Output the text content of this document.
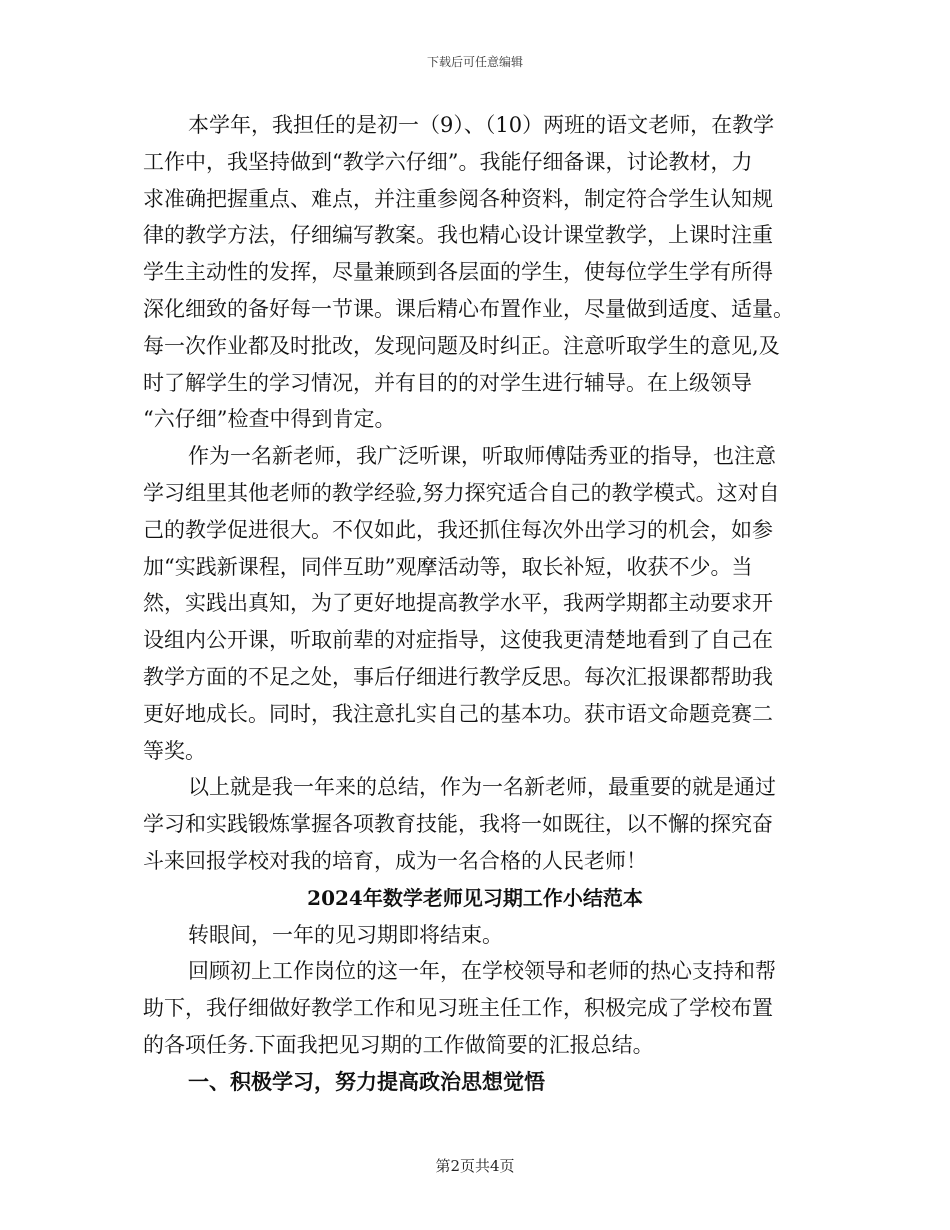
下载后可任意编辑
本学年，我担任的是初一（9）、（10）两班的语文老师，在教学
工作中，我坚持做到“教学六仔细”。我能仔细备课，讨论教材，力
求准确把握重点、难点，并注重参阅各种资料，制定符合学生认知规
律的教学方法，仔细编写教案。我也精心设计课堂教学，上课时注重
学生主动性的发挥，尽量兼顾到各层面的学生，使每位学生学有所得
深化细致的备好每一节课。课后精心布置作业，尽量做到适度、适量。
每一次作业都及时批改，发现问题及时纠正。注意听取学生的意见,及
时了解学生的学习情况，并有目的的对学生进行辅导。在上级领导
“六仔细”检查中得到肯定。
作为一名新老师，我广泛听课，听取师傅陆秀亚的指导，也注意
学习组里其他老师的教学经验,努力探究适合自己的教学模式。这对自
己的教学促进很大。不仅如此，我还抓住每次外出学习的机会，如参
加“实践新课程，同伴互助”观摩活动等，取长补短，收获不少。当
然，实践出真知，为了更好地提高教学水平，我两学期都主动要求开
设组内公开课，听取前辈的对症指导，这使我更清楚地看到了自己在
教学方面的不足之处，事后仔细进行教学反思。每次汇报课都帮助我
更好地成长。同时，我注意扎实自己的基本功。获市语文命题竞赛二
等奖。
以上就是我一年来的总结，作为一名新老师，最重要的就是通过
学习和实践锻炼掌握各项教育技能，我将一如既往，以不懈的探究奋
斗来回报学校对我的培育，成为一名合格的人民老师！
2024年数学老师见习期工作小结范本
转眼间，一年的见习期即将结束。
回顾初上工作岗位的这一年，在学校领导和老师的热心支持和帮
助下，我仔细做好教学工作和见习班主任工作，积极完成了学校布置
的各项任务.下面我把见习期的工作做简要的汇报总结。
一、积极学习，努力提高政治思想觉悟
第2页共4页
